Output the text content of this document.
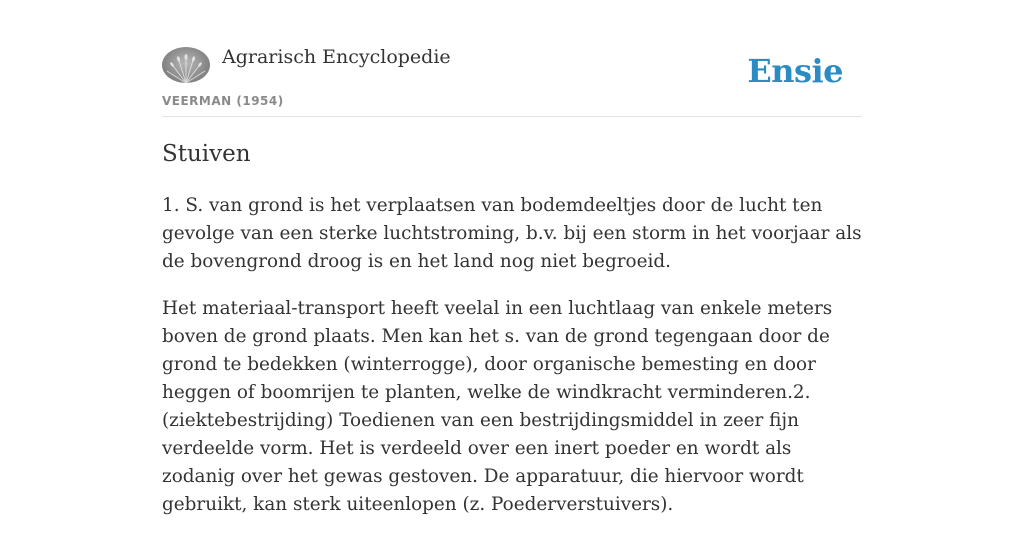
Agrarisch Encyclopedie
VEERMAN (1954)
Ensie
Stuiven

1. S. van grond is het verplaatsen van bodemdeeltjes door de lucht ten gevolge van een sterke luchtstroming, b.v. bij een storm in het voorjaar als de bovengrond droog is en het land nog niet begroeid.

Het materiaal-transport heeft veelal in een luchtlaag van enkele meters boven de grond plaats. Men kan het s. van de grond tegengaan door de grond te bedekken (winterrogge), door organische bemesting en door heggen of boomrijen te planten, welke de windkracht verminderen.2. (ziektebestrijding) Toedienen van een bestrijdingsmiddel in zeer fijn verdeelde vorm. Het is verdeeld over een inert poeder en wordt als zodanig over het gewas gestoven. De apparatuur, die hiervoor wordt gebruikt, kan sterk uiteenlopen (z. Poederverstuivers).
